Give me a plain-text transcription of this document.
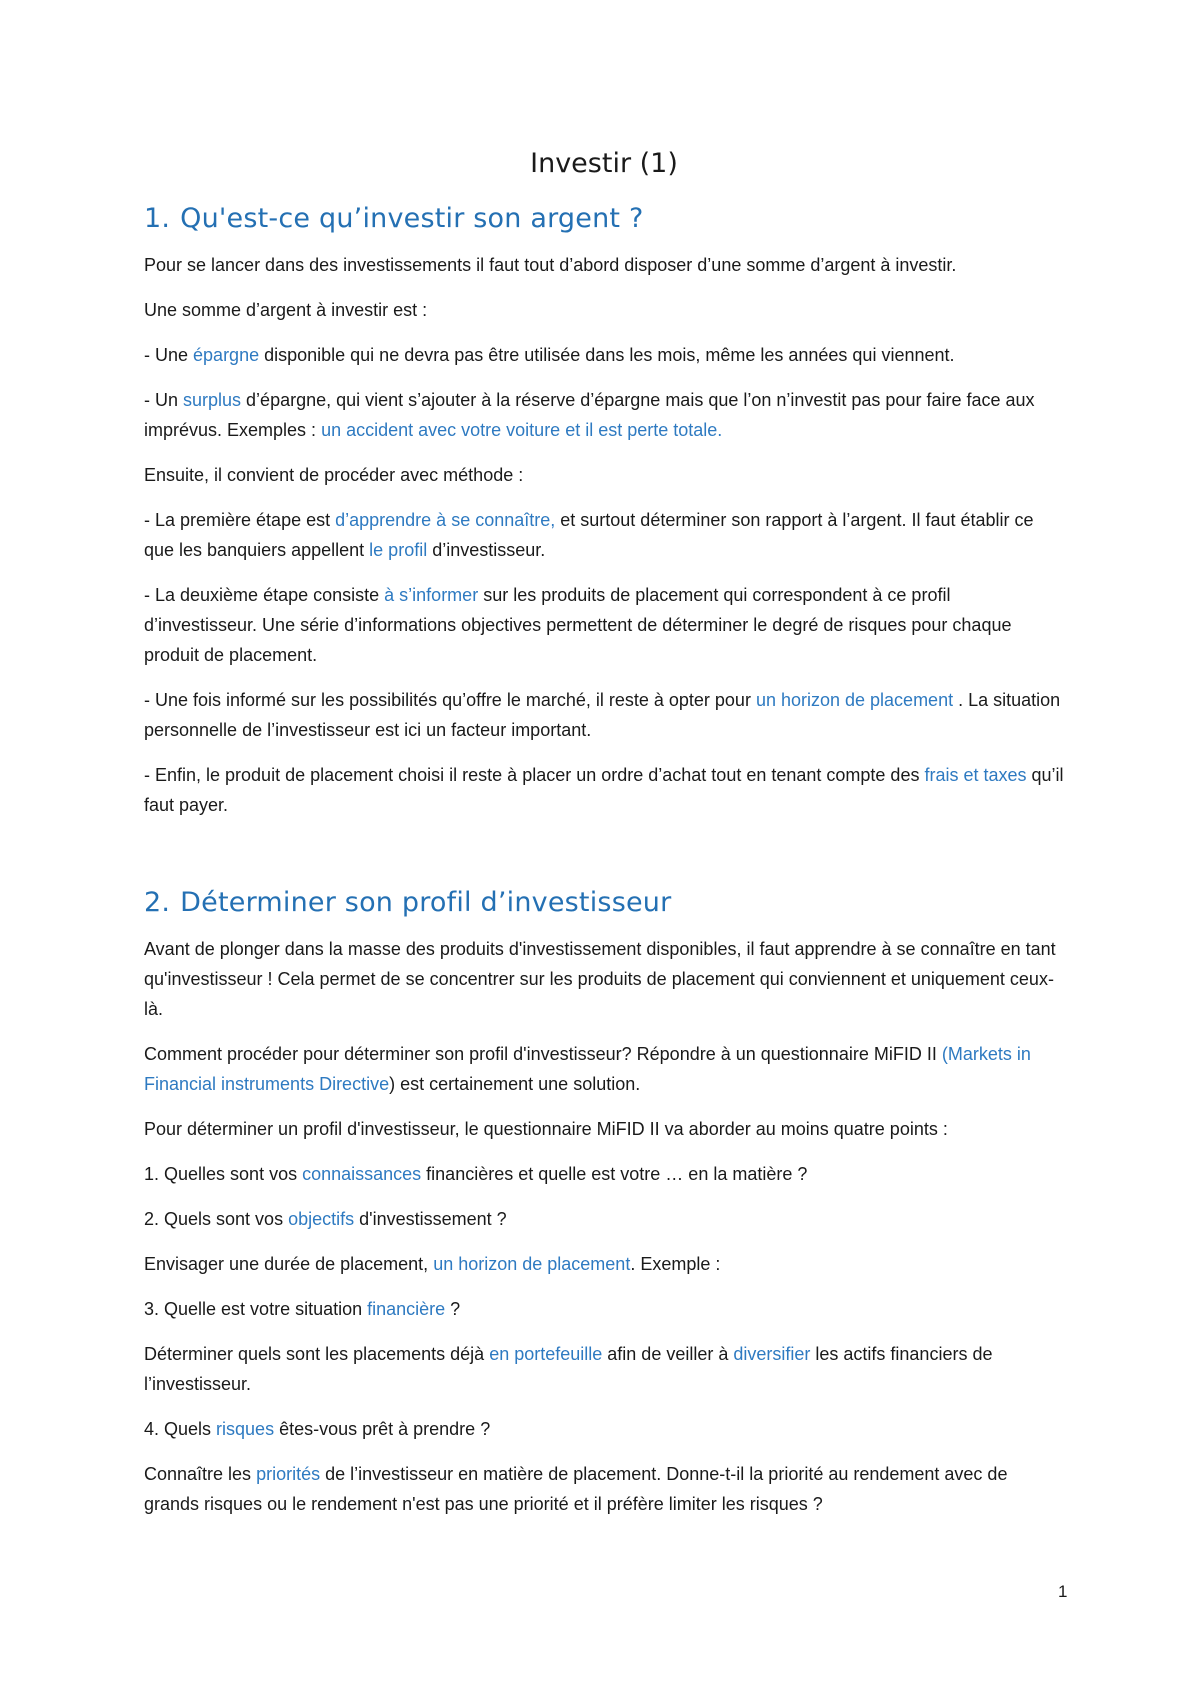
Investir (1)
1. Qu'est-ce qu’investir son argent ?

Pour se lancer dans des investissements il faut tout d’abord disposer d’une somme d’argent à investir.

Une somme d’argent à investir est :

- Une épargne disponible qui ne devra pas être utilisée dans les mois, même les années qui viennent.

- Un surplus d’épargne, qui vient s’ajouter à la réserve d’épargne mais que l’on n’investit pas pour faire face aux imprévus. Exemples : un accident avec votre voiture et il est perte totale.

Ensuite, il convient de procéder avec méthode :

- La première étape est d’apprendre à se connaître, et surtout déterminer son rapport à l’argent. Il faut établir ce que les banquiers appellent le profil d’investisseur.

- La deuxième étape consiste à s’informer sur les produits de placement qui correspondent à ce profil d’investisseur. Une série d’informations objectives permettent de déterminer le degré de risques pour chaque produit de placement.

- Une fois informé sur les possibilités qu’offre le marché, il reste à opter pour un horizon de placement . La situation personnelle de l’investisseur est ici un facteur important.

- Enfin, le produit de placement choisi il reste à placer un ordre d’achat tout en tenant compte des frais et taxes qu’il faut payer.

2. Déterminer son profil d’investisseur

Avant de plonger dans la masse des produits d'investissement disponibles, il faut apprendre à se connaître en tant qu'investisseur ! Cela permet de se concentrer sur les produits de placement qui conviennent et uniquement ceux-là.

Comment procéder pour déterminer son profil d'investisseur? Répondre à un questionnaire MiFID II (Markets in Financial instruments Directive) est certainement une solution.

Pour déterminer un profil d'investisseur, le questionnaire MiFID II va aborder au moins quatre points :

1. Quelles sont vos connaissances financières et quelle est votre … en la matière ?

2. Quels sont vos objectifs d'investissement ?

Envisager une durée de placement, un horizon de placement. Exemple :

3. Quelle est votre situation financière ?

Déterminer quels sont les placements déjà en portefeuille afin de veiller à diversifier les actifs financiers de l’investisseur.

4. Quels risques êtes-vous prêt à prendre ?

Connaître les priorités de l’investisseur en matière de placement. Donne-t-il la priorité au rendement avec de grands risques ou le rendement n'est pas une priorité et il préfère limiter les risques ?

1
